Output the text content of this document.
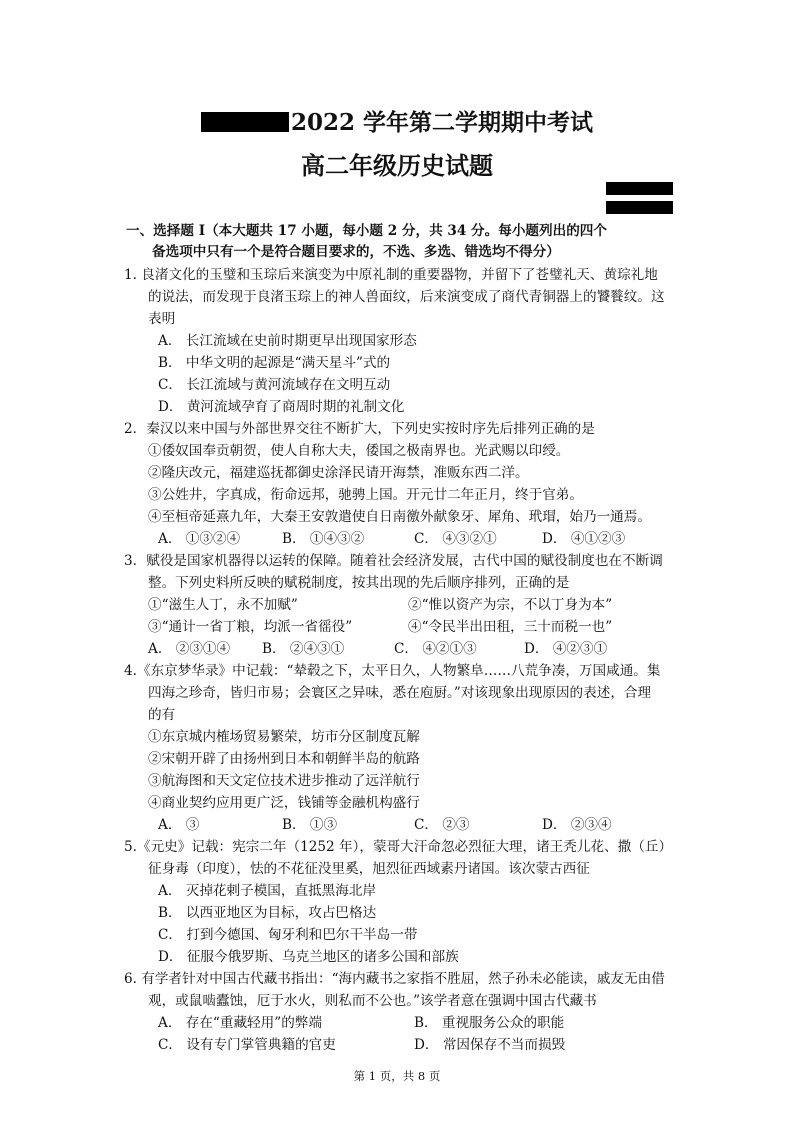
2022 学年第二学期期中考试
高二年级历史试题
一、选择题 I（本大题共 17 小题，每小题 2 分，共 34 分。每小题列出的四个
备选项中只有一个是符合题目要求的，不选、多选、错选均不得分）
1. 良渚文化的玉璧和玉琮后来演变为中原礼制的重要器物，并留下了苍璧礼天、黄琮礼地
的说法，而发现于良渚玉琮上的神人兽面纹，后来演变成了商代青铜器上的饕餮纹。这
表明
A． 长江流域在史前时期更早出现国家形态
B． 中华文明的起源是“满天星斗”式的
C． 长江流域与黄河流域存在文明互动
D． 黄河流域孕育了商周时期的礼制文化
2．秦汉以来中国与外部世界交往不断扩大，下列史实按时序先后排列正确的是
①倭奴国奉贡朝贺，使人自称大夫，倭国之极南界也。光武赐以印绶。
②隆庆改元，福建巡抚都御史涂泽民请开海禁，准贩东西二洋。
③公姓井，字真成，衔命远邦，驰骋上国。开元廿二年正月，终于官弟。
④至桓帝延熹九年，大秦王安敦遣使自日南徼外献象牙、犀角、玳瑁，始乃一通焉。
A． ①③②④	B． ①④③②	C． ④③②①	D． ④①②③
3．赋役是国家机器得以运转的保障。随着社会经济发展，古代中国的赋役制度也在不断调
整。下列史料所反映的赋税制度，按其出现的先后顺序排列，正确的是
①“滋生人丁，永不加赋”	②“惟以资产为宗，不以丁身为本”
③“通计一省丁粮，均派一省徭役”	④“令民半出田租，三十而税一也”
A． ②③①④ B． ②④③①	C． ④②①③	D． ④②③①
4.《东京梦华录》中记载：“辇毂之下，太平日久，人物繁阜……八荒争凑，万国咸通。集
四海之珍奇，皆归市易；会寰区之异味，悉在庖厨。”对该现象出现原因的表述，合理
的有
①东京城内榷场贸易繁荣，坊市分区制度瓦解
②宋朝开辟了由扬州到日本和朝鲜半岛的航路
③航海图和天文定位技术进步推动了远洋航行
④商业契约应用更广泛，钱铺等金融机构盛行
A． ③	B． ①③	C． ②③	D． ②③④
5.《元史》记载：宪宗二年（1252 年），蒙哥大汗命忽必烈征大理，诸王秃儿花、撒（丘）
征身毒（印度），怯的不花征没里奚，旭烈征西域素丹诸国。该次蒙古西征
A． 灭掉花剌子模国，直抵黑海北岸
B． 以西亚地区为目标，攻占巴格达
C． 打到今德国、匈牙利和巴尔干半岛一带
D． 征服今俄罗斯、乌克兰地区的诸多公国和部族
6. 有学者针对中国古代藏书指出：“海内藏书之家指不胜屈，然子孙未必能读，戚友无由借
观，或鼠啮蠹蚀，厄于水火，则私而不公也。”该学者意在强调中国古代藏书
A． 存在“重藏轻用”的弊端	B． 重视服务公众的职能
C． 设有专门掌管典籍的官吏	D． 常因保存不当而损毁
第 1 页，共 8 页
